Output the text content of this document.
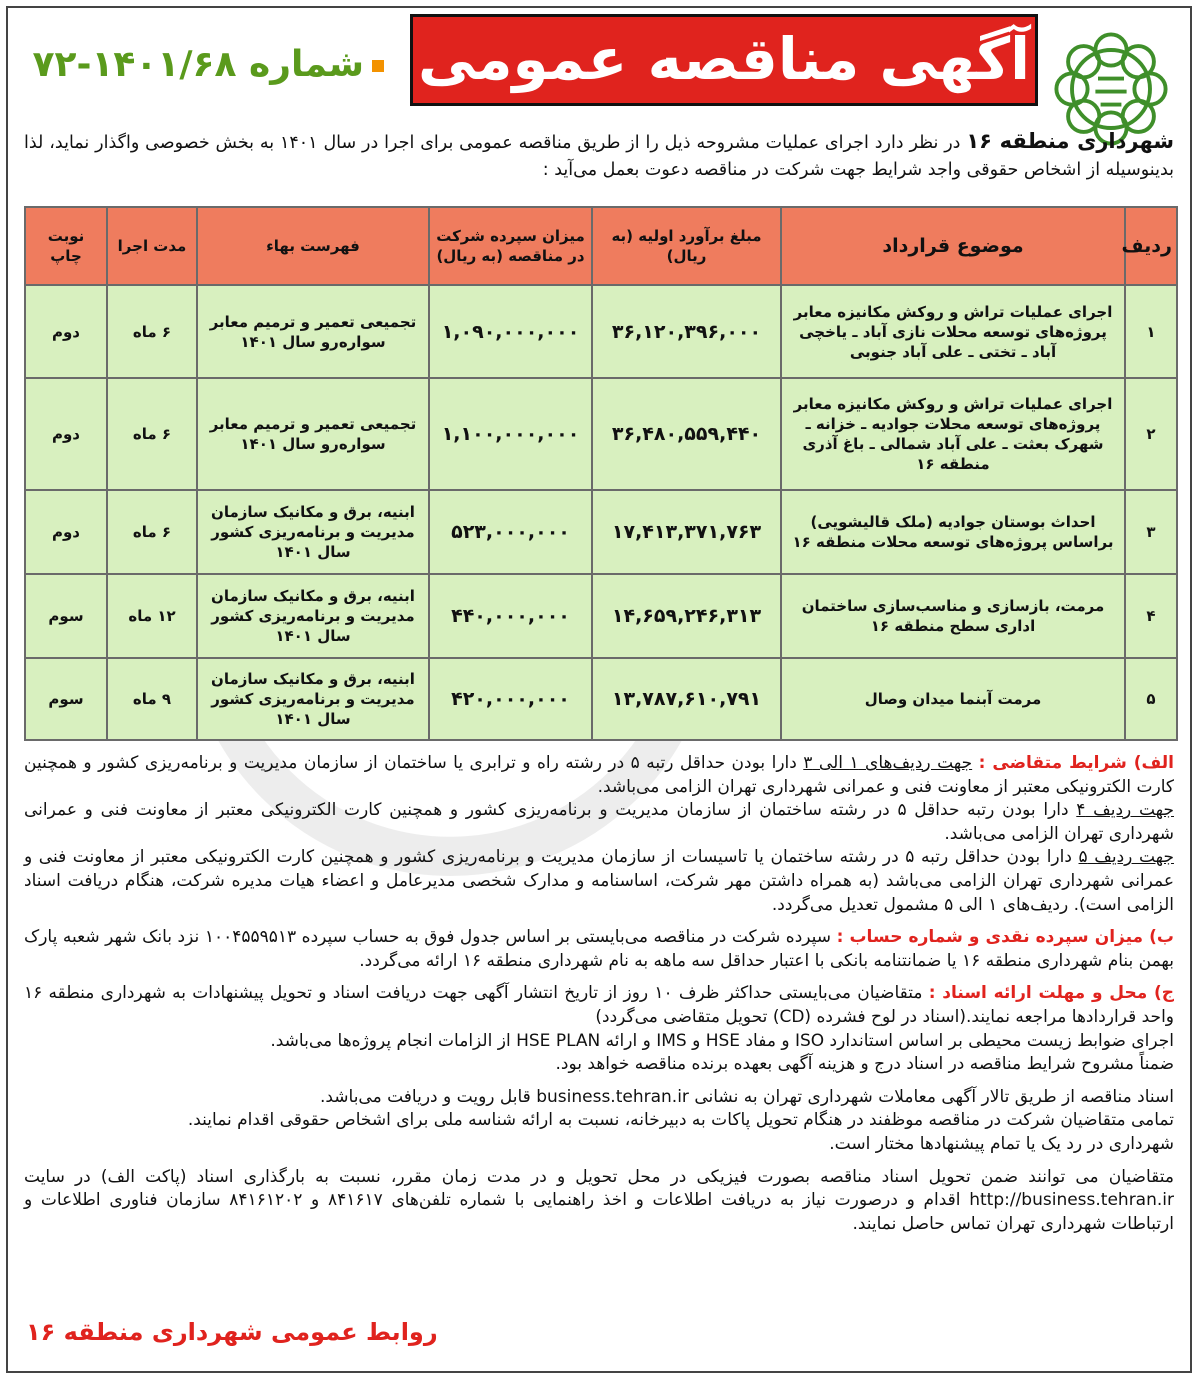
آگهی مناقصه عمومی
شماره ۱۴۰۱/۶۸-۷۲
شهرداری منطقه ۱۶ در نظر دارد اجرای عملیات مشروحه ذیل را از طریق مناقصه عمومی برای اجرا در سال ۱۴۰۱ به بخش خصوصی واگذار نماید، لذا بدینوسیله از اشخاص حقوقی واجد شرایط جهت شرکت در مناقصه دعوت بعمل می‌آید :
ردیف	موضوع قرارداد	مبلغ برآورد اولیه (به ریال)	میزان سپرده شرکت در مناقصه (به ریال)	فهرست بهاء	مدت اجرا	نوبت چاپ
۱	اجرای عملیات تراش و روکش مکانیزه معابر پروژه‌های توسعه محلات نازی آباد ـ یاخچی آباد ـ تختی ـ علی آباد جنوبی	۳۶,۱۲۰,۳۹۶,۰۰۰	۱,۰۹۰,۰۰۰,۰۰۰	تجمیعی تعمیر و ترمیم معابر سواره‌رو سال ۱۴۰۱	۶ ماه	دوم
۲	اجرای عملیات تراش و روکش مکانیزه معابر پروژه‌های توسعه محلات جوادیه ـ خزانه ـ شهرک بعثت ـ علی آباد شمالی ـ باغ آذری منطقه ۱۶	۳۶,۴۸۰,۵۵۹,۴۴۰	۱,۱۰۰,۰۰۰,۰۰۰	تجمیعی تعمیر و ترمیم معابر سواره‌رو سال ۱۴۰۱	۶ ماه	دوم
۳	احداث بوستان جوادیه (ملک قالیشویی) براساس پروژه‌های توسعه محلات منطقه ۱۶	۱۷,۴۱۳,۳۷۱,۷۶۳	۵۲۳,۰۰۰,۰۰۰	ابنیه، برق و مکانیک سازمان مدیریت و برنامه‌ریزی کشور سال ۱۴۰۱	۶ ماه	دوم
۴	مرمت، بازسازی و مناسب‌سازی ساختمان اداری سطح منطقه ۱۶	۱۴,۶۵۹,۲۴۶,۳۱۳	۴۴۰,۰۰۰,۰۰۰	ابنیه، برق و مکانیک سازمان مدیریت و برنامه‌ریزی کشور سال ۱۴۰۱	۱۲ ماه	سوم
۵	مرمت آبنما میدان وصال	۱۳,۷۸۷,۶۱۰,۷۹۱	۴۲۰,۰۰۰,۰۰۰	ابنیه، برق و مکانیک سازمان مدیریت و برنامه‌ریزی کشور سال ۱۴۰۱	۹ ماه	سوم

الف) شرایط متقاضی : جهت ردیف‌های ۱ الی ۳ دارا بودن حداقل رتبه ۵ در رشته راه و ترابری یا ساختمان از سازمان مدیریت و برنامه‌ریزی کشور و همچنین کارت الکترونیکی معتبر از معاونت فنی و عمرانی شهرداری تهران الزامی می‌باشد.

جهت ردیف ۴ دارا بودن رتبه حداقل ۵ در رشته ساختمان از سازمان مدیریت و برنامه‌ریزی کشور و همچنین کارت الکترونیکی معتبر از معاونت فنی و عمرانی شهرداری تهران الزامی می‌باشد.

جهت ردیف ۵ دارا بودن حداقل رتبه ۵ در رشته ساختمان یا تاسیسات از سازمان مدیریت و برنامه‌ریزی کشور و همچنین کارت الکترونیکی معتبر از معاونت فنی و عمرانی شهرداری تهران الزامی می‌باشد (به همراه داشتن مهر شرکت، اساسنامه و مدارک شخصی مدیرعامل و اعضاء هیات مدیره شرکت، هنگام دریافت اسناد الزامی است). ردیف‌های ۱ الی ۵ مشمول تعدیل می‌گردد.

ب) میزان سپرده نقدی و شماره حساب : سپرده شرکت در مناقصه می‌بایستی بر اساس جدول فوق به حساب سپرده ۱۰۰۴۵۵۹۵۱۳ نزد بانک شهر شعبه پارک بهمن بنام شهرداری منطقه ۱۶ یا ضمانتنامه بانکی با اعتبار حداقل سه ماهه به نام شهرداری منطقه ۱۶ ارائه می‌گردد.

ج) محل و مهلت ارائه اسناد : متقاضیان می‌بایستی حداکثر ظرف ۱۰ روز از تاریخ انتشار آگهی جهت دریافت اسناد و تحویل پیشنهادات به شهرداری منطقه ۱۶ واحد قراردادها مراجعه نمایند.(اسناد در لوح فشرده (CD) تحویل متقاضی می‌گردد)

اجرای ضوابط زیست محیطی بر اساس استاندارد ISO و مفاد HSE و IMS و ارائه HSE PLAN از الزامات انجام پروژه‌ها می‌باشد.

ضمناً مشروح شرایط مناقصه در اسناد درج و هزینه آگهی بعهده برنده مناقصه خواهد بود.

اسناد مناقصه از طریق تالار آگهی معاملات شهرداری تهران به نشانی business.tehran.ir قابل رویت و دریافت می‌باشد.

تمامی متقاضیان شرکت در مناقصه موظفند در هنگام تحویل پاکات به دبیرخانه، نسبت به ارائه شناسه ملی برای اشخاص حقوقی اقدام نمایند.

شهرداری در رد یک یا تمام پیشنهادها مختار است.

متقاضیان می توانند ضمن تحویل اسناد مناقصه بصورت فیزیکی در محل تحویل و در مدت زمان مقرر، نسبت به بارگذاری اسناد (پاکت الف) در سایت http://business.tehran.ir اقدام و درصورت نیاز به دریافت اطلاعات و اخذ راهنمایی با شماره تلفن‌های ۸۴۱۶۱۷ و ۸۴۱۶۱۲۰۲ سازمان فناوری اطلاعات و ارتباطات شهرداری تهران تماس حاصل نمایند.

روابط عمومی شهرداری منطقه ۱۶
